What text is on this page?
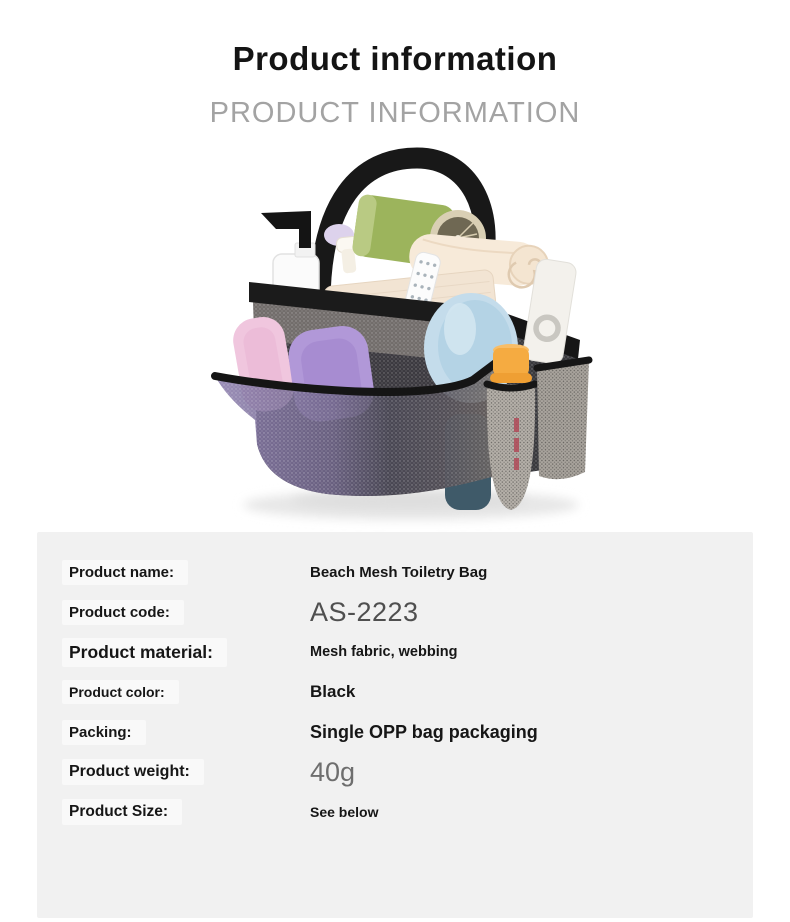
Product information
PRODUCT INFORMATION
Product name:	Beach Mesh Toiletry Bag
Product code:	AS-2223
Product material:	Mesh fabric, webbing
Product color:	Black
Packing:	Single OPP bag packaging
Product weight:	40g
Product Size:	See below
